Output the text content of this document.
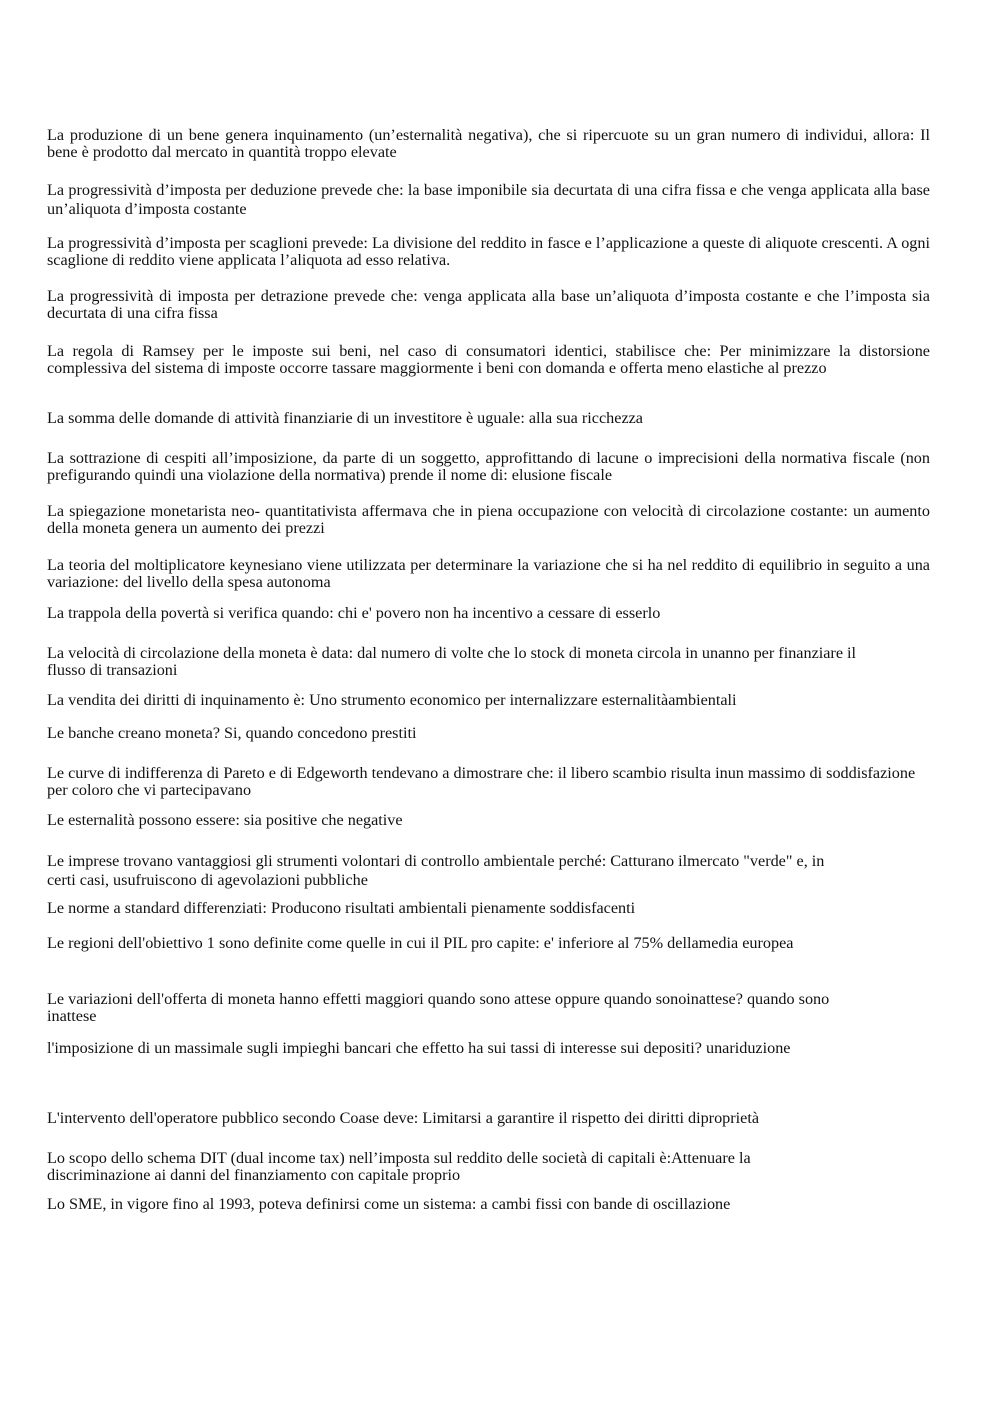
La produzione di un bene genera inquinamento (un’esternalità negativa), che si ripercuote su un gran numero di individui, allora: Il bene è prodotto dal mercato in quantità troppo elevate

La progressività d’imposta per deduzione prevede che: la base imponibile sia decurtata di una cifra fissa e che venga applicata alla base un’aliquota d’imposta costante

La progressività d’imposta per scaglioni prevede: La divisione del reddito in fasce e l’applicazione a queste di aliquote crescenti. A ogni scaglione di reddito viene applicata l’aliquota ad esso relativa.

La progressività di imposta per detrazione prevede che: venga applicata alla base un’aliquota d’imposta costante e che l’imposta sia decurtata di una cifra fissa

La regola di Ramsey per le imposte sui beni, nel caso di consumatori identici, stabilisce che: Per minimizzare la distorsione complessiva del sistema di imposte occorre tassare maggiormente i beni con domanda e offerta meno elastiche al prezzo

La somma delle domande di attività finanziarie di un investitore è uguale: alla sua ricchezza

La sottrazione di cespiti all’imposizione, da parte di un soggetto, approfittando di lacune o imprecisioni della normativa fiscale (non prefigurando quindi una violazione della normativa) prende il nome di: elusione fiscale

La spiegazione monetarista neo- quantitativista affermava che in piena occupazione con velocità di circolazione costante: un aumento della moneta genera un aumento dei prezzi

La teoria del moltiplicatore keynesiano viene utilizzata per determinare la variazione che si ha nel reddito di equilibrio in seguito a una variazione: del livello della spesa autonoma

La trappola della povertà si verifica quando: chi e' povero non ha incentivo a cessare di esserlo

La velocità di circolazione della moneta è data: dal numero di volte che lo stock di moneta circola in unanno per finanziare il flusso di transazioni

La vendita dei diritti di inquinamento è: Uno strumento economico per internalizzare esternalitàambientali

Le banche creano moneta? Si, quando concedono prestiti

Le curve di indifferenza di Pareto e di Edgeworth tendevano a dimostrare che: il libero scambio risulta inun massimo di soddisfazione per coloro che vi partecipavano

Le esternalità possono essere: sia positive che negative

Le imprese trovano vantaggiosi gli strumenti volontari di controllo ambientale perché: Catturano ilmercato "verde" e, in certi casi, usufruiscono di agevolazioni pubbliche

Le norme a standard differenziati: Producono risultati ambientali pienamente soddisfacenti

Le regioni dell'obiettivo 1 sono definite come quelle in cui il PIL pro capite: e' inferiore al 75% dellamedia europea

Le variazioni dell'offerta di moneta hanno effetti maggiori quando sono attese oppure quando sonoinattese? quando sono inattese

l'imposizione di un massimale sugli impieghi bancari che effetto ha sui tassi di interesse sui depositi? unariduzione

L'intervento dell'operatore pubblico secondo Coase deve: Limitarsi a garantire il rispetto dei diritti diproprietà

Lo scopo dello schema DIT (dual income tax) nell’imposta sul reddito delle società di capitali è:Attenuare la discriminazione ai danni del finanziamento con capitale proprio

Lo SME, in vigore fino al 1993, poteva definirsi come un sistema: a cambi fissi con bande di oscillazione
